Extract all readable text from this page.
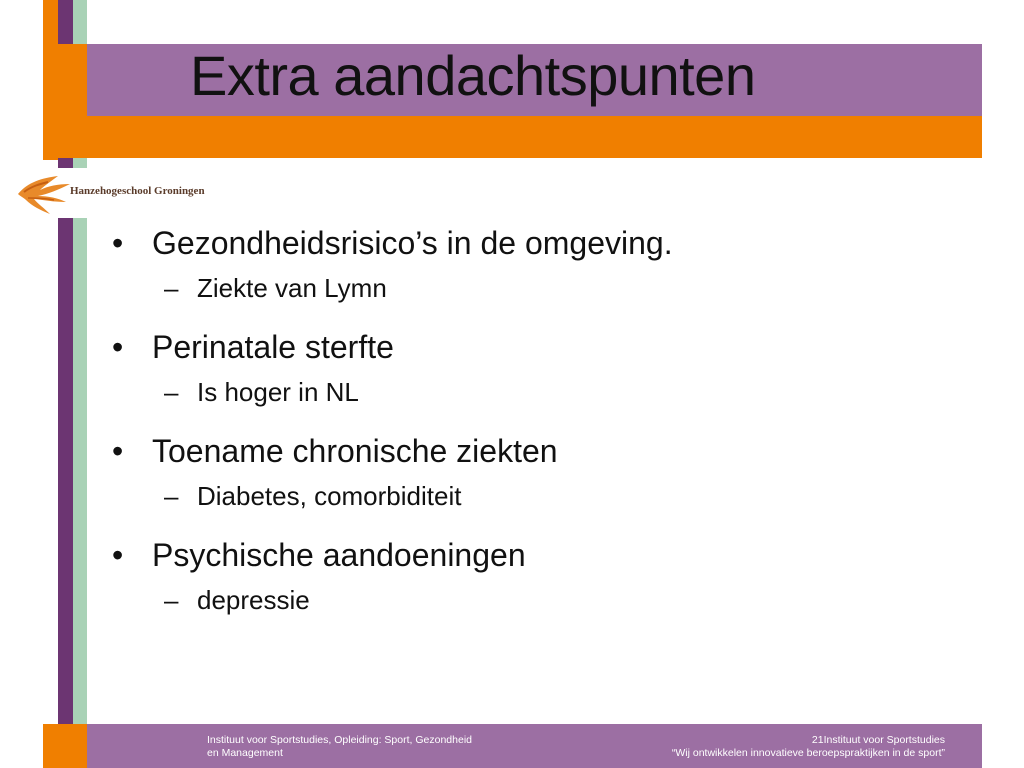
Extra aandachtspunten
Hanzehogeschool Groningen
• Gezondheidsrisico’s in de omgeving.
– Ziekte van Lymn
• Perinatale sterfte
– Is hoger in NL
• Toename chronische ziekten
– Diabetes, comorbiditeit
• Psychische aandoeningen
– depressie
Instituut voor Sportstudies, Opleiding: Sport, Gezondheid
en Management
21Instituut voor Sportstudies
“Wij ontwikkelen innovatieve beroepspraktijken in de sport”
